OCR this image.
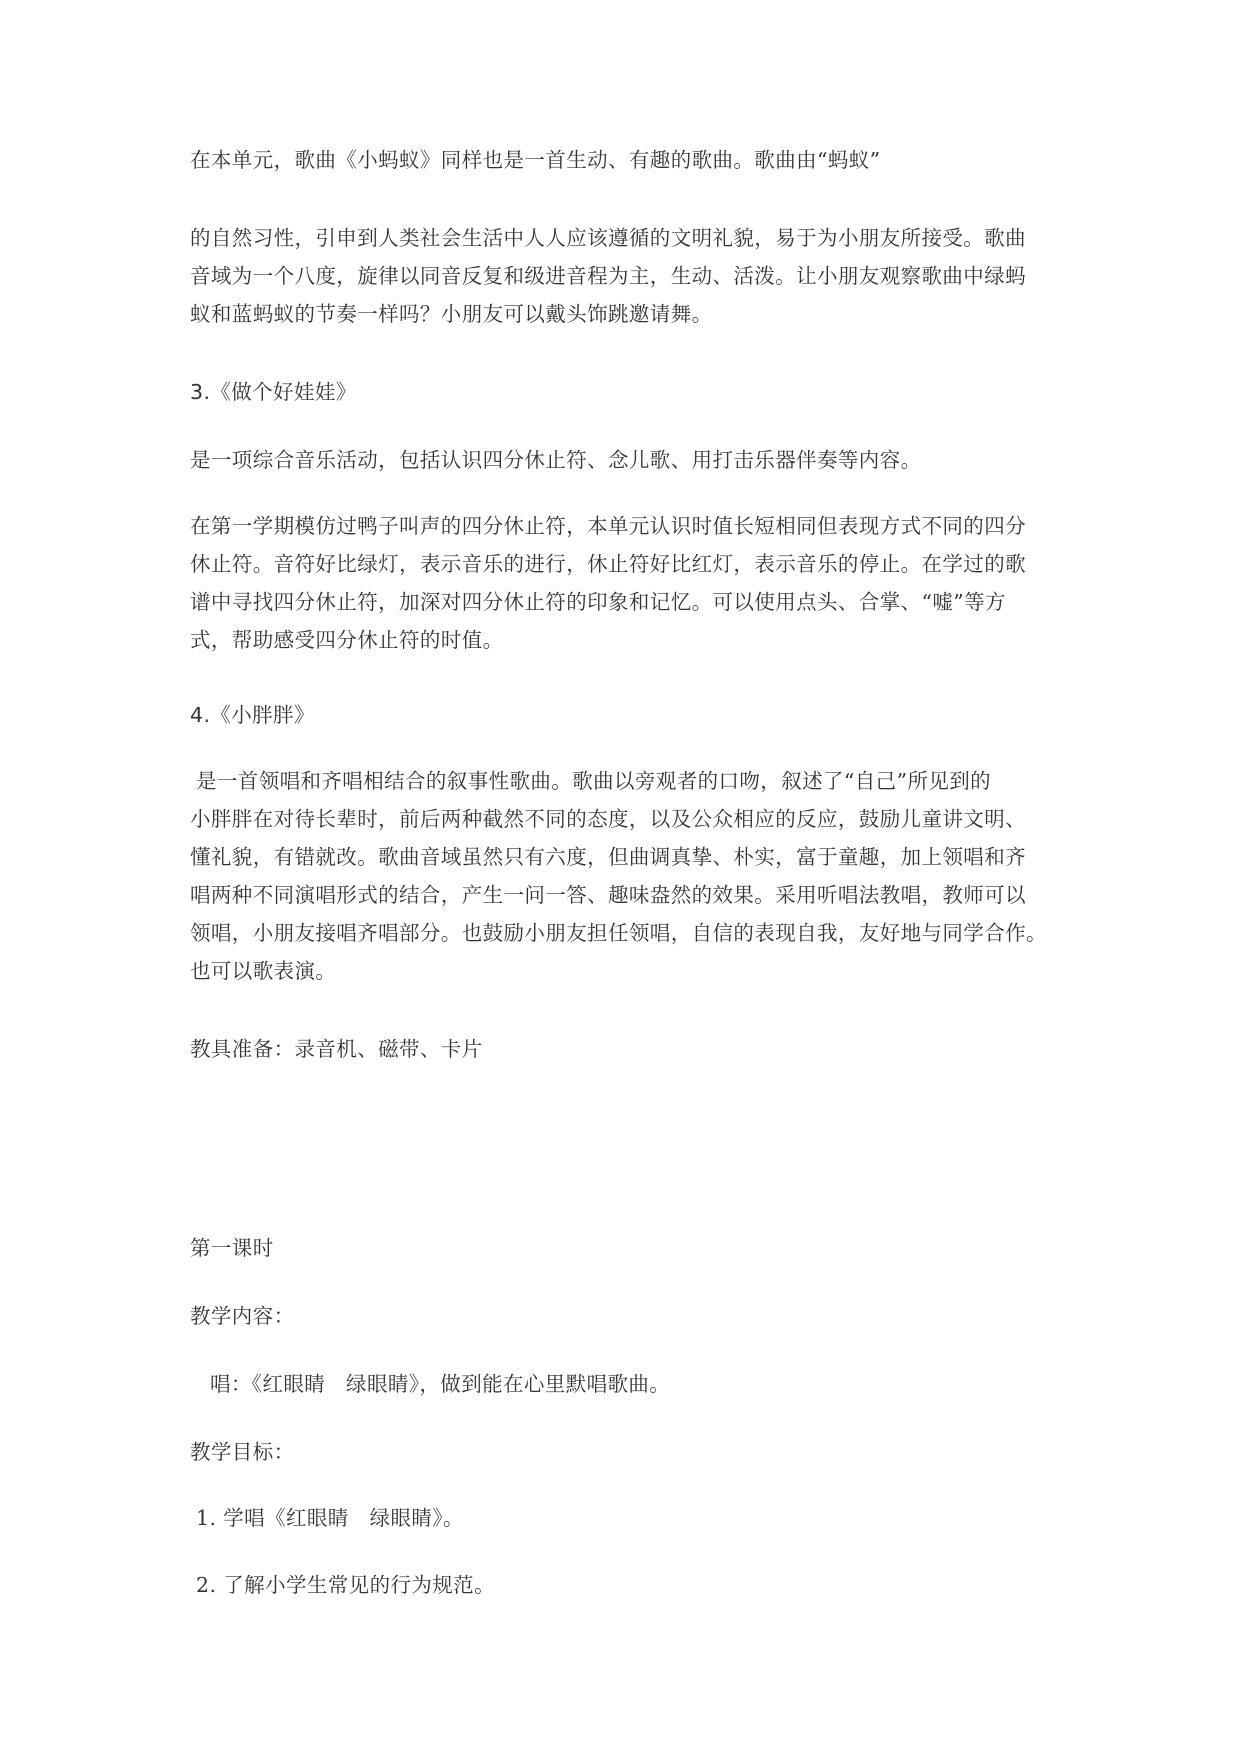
在本单元，歌曲《小蚂蚁》同样也是一首生动、有趣的歌曲。歌曲由“蚂蚁”

的自然习性，引申到人类社会生活中人人应该遵循的文明礼貌，易于为小朋友所接受。歌曲
音域为一个八度，旋律以同音反复和级进音程为主，生动、活泼。让小朋友观察歌曲中绿蚂
蚁和蓝蚂蚁的节奏一样吗？小朋友可以戴头饰跳邀请舞。

3.《做个好娃娃》

是一项综合音乐活动，包括认识四分休止符、念儿歌、用打击乐器伴奏等内容。

在第一学期模仿过鸭子叫声的四分休止符，本单元认识时值长短相同但表现方式不同的四分
休止符。音符好比绿灯，表示音乐的进行，休止符好比红灯，表示音乐的停止。在学过的歌
谱中寻找四分休止符，加深对四分休止符的印象和记忆。可以使用点头、合掌、“嘘”等方
式，帮助感受四分休止符的时值。

4.《小胖胖》

是一首领唱和齐唱相结合的叙事性歌曲。歌曲以旁观者的口吻，叙述了“自己”所见到的
小胖胖在对待长辈时，前后两种截然不同的态度，以及公众相应的反应，鼓励儿童讲文明、
懂礼貌，有错就改。歌曲音域虽然只有六度，但曲调真挚、朴实，富于童趣，加上领唱和齐
唱两种不同演唱形式的结合，产生一问一答、趣味盎然的效果。采用听唱法教唱，教师可以
领唱，小朋友接唱齐唱部分。也鼓励小朋友担任领唱，自信的表现自我，友好地与同学合作。
也可以歌表演。

教具准备：录音机、磁带、卡片

第一课时

教学内容：

唱：《红眼睛　绿眼睛》，做到能在心里默唱歌曲。

教学目标：

1. 学唱《红眼睛　绿眼睛》。

2. 了解小学生常见的行为规范。
